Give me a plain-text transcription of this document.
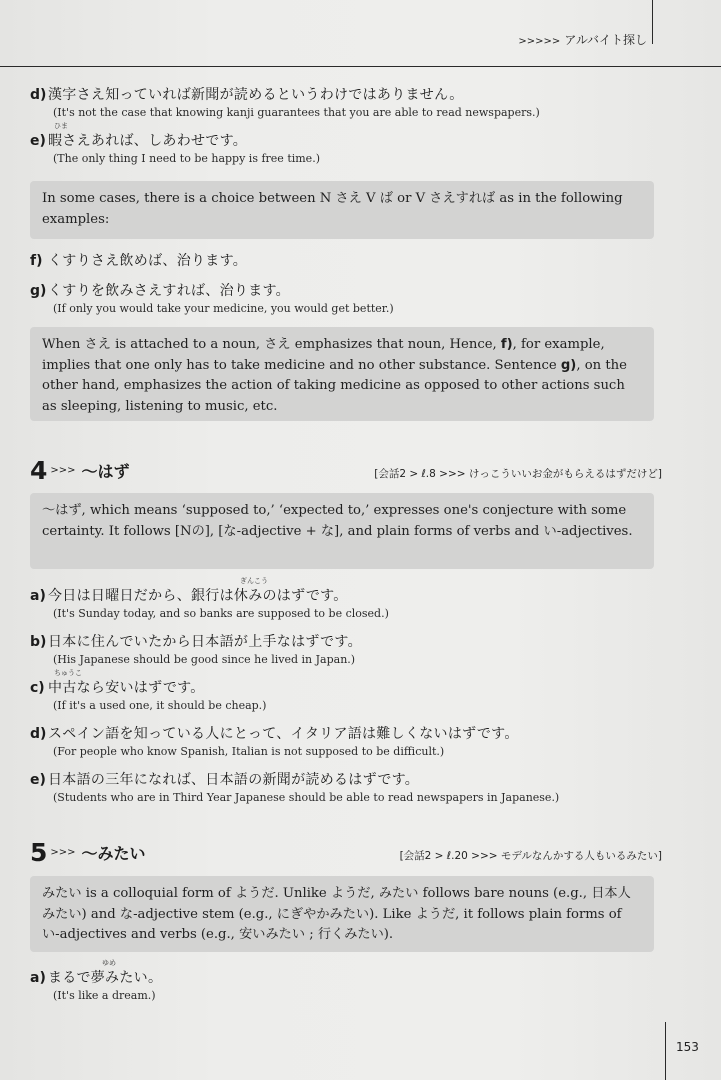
>>>>> アルバイト探し
d) 漢字さえ知っていれば新聞が読めるというわけではありません。
(It's not the case that knowing kanji guarantees that you are able to read newspapers.)
ひま
e) 暇さえあれば、しあわせです。
(The only thing I need to be happy is free time.)
In some cases, there is a choice between N さえ V ば or V さえすれば as in the following examples:
f) くすりさえ飲めば、治ります。
g) くすりを飲みさえすれば、治ります。
(If only you would take your medicine, you would get better.)
When さえ is attached to a noun, さえ emphasizes that noun, Hence, f), for example, implies that one only has to take medicine and no other substance. Sentence g), on the other hand, emphasizes the action of taking medicine as opposed to other actions such as sleeping, listening to music, etc.
4 >>> 〜はず	[会話2 > ℓ.8 >>> けっこういいお金がもらえるはずだけど]
〜はず, which means ‘supposed to,’ ‘expected to,’ expresses one's conjecture with some certainty. It follows [Nの], [な-adjective + な], and plain forms of verbs and い-adjectives.
ぎんこう
a) 今日は日曜日だから、銀行は休みのはずです。
(It's Sunday today, and so banks are supposed to be closed.)
b) 日本に住んでいたから日本語が上手なはずです。
(His Japanese should be good since he lived in Japan.)
ちゅうこ
c) 中古なら安いはずです。
(If it's a used one, it should be cheap.)
d) スペイン語を知っている人にとって、イタリア語は難しくないはずです。
(For people who know Spanish, Italian is not supposed to be difficult.)
e) 日本語の三年になれば、日本語の新聞が読めるはずです。
(Students who are in Third Year Japanese should be able to read newspapers in Japanese.)
5 >>> 〜みたい	[会話2 > ℓ.20 >>> モデルなんかする人もいるみたい]
みたい is a colloquial form of ようだ. Unlike ようだ, みたい follows bare nouns (e.g., 日本人みたい) and な-adjective stem (e.g., にぎやかみたい). Like ようだ, it follows plain forms of い-adjectives and verbs (e.g., 安いみたい ; 行くみたい).
ゆめ
a) まるで夢みたい。
(It's like a dream.)
153
